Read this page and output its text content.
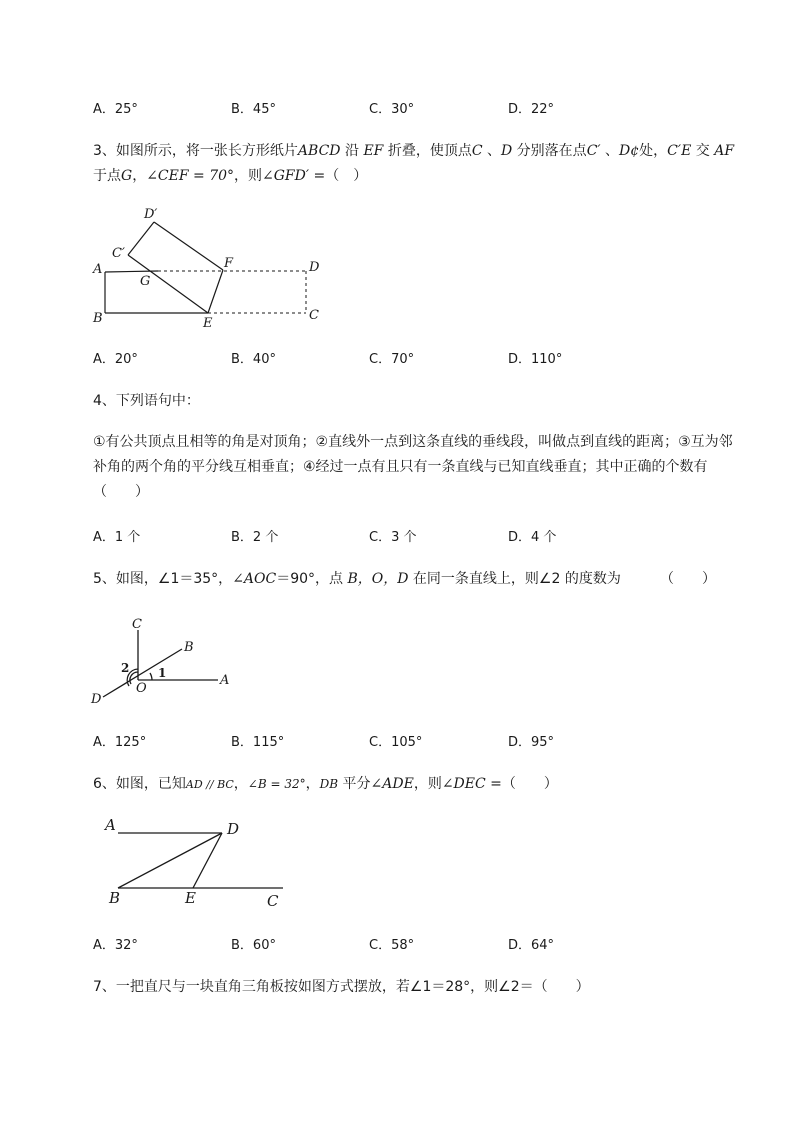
A．25°	B．45°	C．30°	D．22°
3、如图所示，将一张长方形纸片ABCD 沿 EF 折叠，使顶点C 、D 分别落在点C′ 、D¢处，C′E 交 AF
于点G，∠CEF = 70°，则∠GFD′ =（　）
D′
C′
A
G
F	D
B	E
C
A．20°	B．40°	C．70°	D．110°
4、下列语句中：
①有公共顶点且相等的角是对顶角；②直线外一点到这条直线的垂线段，叫做点到直线的距离；③互为邻补角的两个角的平分线互相垂直；④经过一点有且只有一条直线与已知直线垂直；其中正确的个数有（　　）
A．1 个	B．2 个	C．3 个	D．4 个
5、如图，∠1＝35°，∠AOC＝90°，点 B，O，D 在同一条直线上，则∠2 的度数为	（　　）
C
B
2 1
O
A
D
A．125°	B．115°	C．105°	D．95°
6、如图，已知AD // BC，∠B = 32°，DB 平分∠ADE，则∠DEC =（　　）
A	D
B	E	C
A．32°	B．60°	C．58°	D．64°
7、一把直尺与一块直角三角板按如图方式摆放，若∠1＝28°，则∠2＝（　　）
